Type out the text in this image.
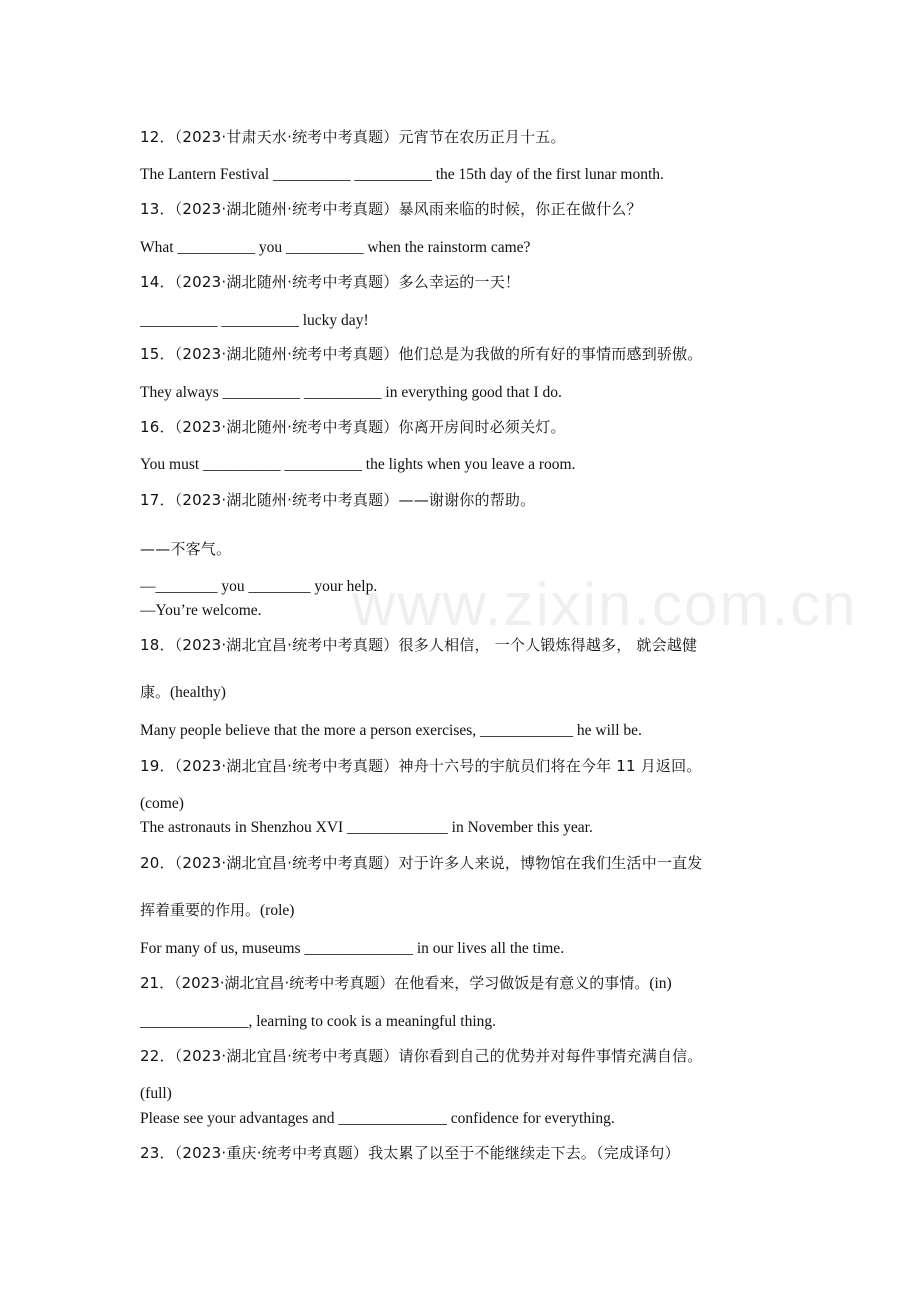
www.zixin.com.cn
12．（2023·甘肃天水·统考中考真题）元宵节在农历正月十五。
The Lantern Festival __________ __________ the 15th day of the first lunar month.
13．（2023·湖北随州·统考中考真题）暴风雨来临的时候，你正在做什么？
What __________ you __________ when the rainstorm came?
14．（2023·湖北随州·统考中考真题）多么幸运的一天！
__________ __________ lucky day!
15．（2023·湖北随州·统考中考真题）他们总是为我做的所有好的事情而感到骄傲。
They always __________ __________ in everything good that I do.
16．（2023·湖北随州·统考中考真题）你离开房间时必须关灯。
You must __________ __________ the lights when you leave a room.
17．（2023·湖北随州·统考中考真题）——谢谢你的帮助。
——不客气。
—________ you ________ your help.
—You’re welcome.
18．（2023·湖北宜昌·统考中考真题）很多人相信， 一个人锻炼得越多， 就会越健
康。(healthy)
Many people believe that the more a person exercises, ____________ he will be.
19．（2023·湖北宜昌·统考中考真题）神舟十六号的宇航员们将在今年 11 月返回。
(come)
The astronauts in Shenzhou XVI _____________ in November this year.
20．（2023·湖北宜昌·统考中考真题）对于许多人来说，博物馆在我们生活中一直发
挥着重要的作用。(role)
For many of us, museums ______________ in our lives all the time.
21．（2023·湖北宜昌·统考中考真题）在他看来，学习做饭是有意义的事情。(in)
______________, learning to cook is a meaningful thing.
22．（2023·湖北宜昌·统考中考真题）请你看到自己的优势并对每件事情充满自信。
(full)
Please see your advantages and ______________ confidence for everything.
23．（2023·重庆·统考中考真题）我太累了以至于不能继续走下去。（完成译句）
